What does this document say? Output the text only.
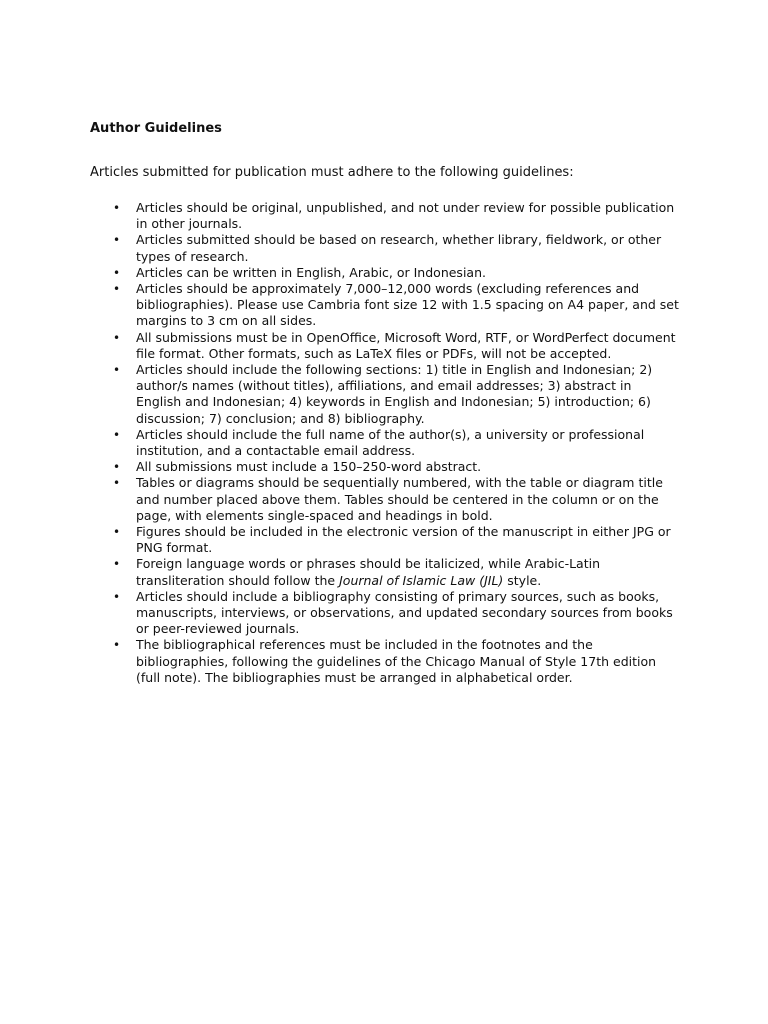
Author Guidelines

Articles submitted for publication must adhere to the following guidelines:

• Articles should be original, unpublished, and not under review for possible publication in other journals.
• Articles submitted should be based on research, whether library, fieldwork, or other types of research.
• Articles can be written in English, Arabic, or Indonesian.
• Articles should be approximately 7,000–12,000 words (excluding references and bibliographies). Please use Cambria font size 12 with 1.5 spacing on A4 paper, and set margins to 3 cm on all sides.
• All submissions must be in OpenOffice, Microsoft Word, RTF, or WordPerfect document file format. Other formats, such as LaTeX files or PDFs, will not be accepted.
• Articles should include the following sections: 1) title in English and Indonesian; 2) author/s names (without titles), affiliations, and email addresses; 3) abstract in English and Indonesian; 4) keywords in English and Indonesian; 5) introduction; 6) discussion; 7) conclusion; and 8) bibliography.
• Articles should include the full name of the author(s), a university or professional institution, and a contactable email address.
• All submissions must include a 150–250-word abstract.
• Tables or diagrams should be sequentially numbered, with the table or diagram title and number placed above them. Tables should be centered in the column or on the page, with elements single-spaced and headings in bold.
• Figures should be included in the electronic version of the manuscript in either JPG or PNG format.
• Foreign language words or phrases should be italicized, while Arabic-Latin transliteration should follow the Journal of Islamic Law (JIL) style.
• Articles should include a bibliography consisting of primary sources, such as books, manuscripts, interviews, or observations, and updated secondary sources from books or peer-reviewed journals.
• The bibliographical references must be included in the footnotes and the bibliographies, following the guidelines of the Chicago Manual of Style 17th edition (full note). The bibliographies must be arranged in alphabetical order.
